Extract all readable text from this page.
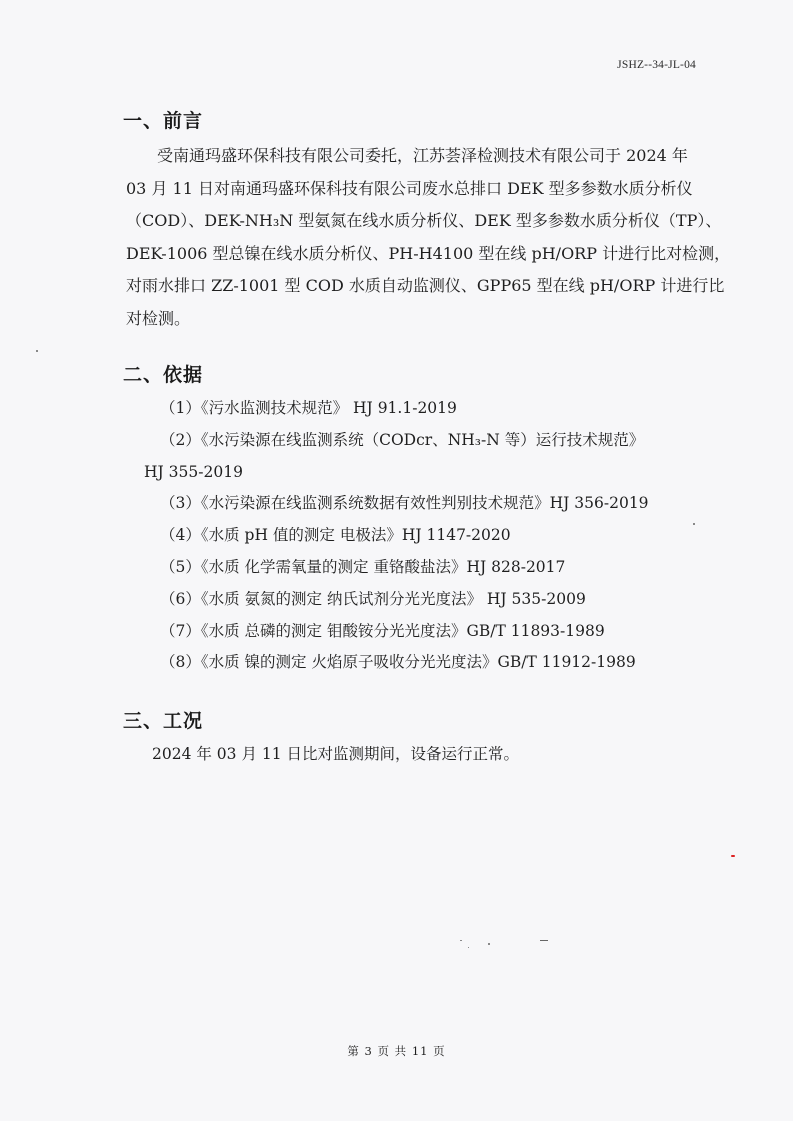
JSHZ--34-JL-04
一、前言
受南通玛盛环保科技有限公司委托，江苏荟泽检测技术有限公司于 2024 年
03 月 11 日对南通玛盛环保科技有限公司废水总排口 DEK 型多参数水质分析仪
（COD）、DEK-NH₃N 型氨氮在线水质分析仪、DEK 型多参数水质分析仪（TP）、
DEK-1006 型总镍在线水质分析仪、PH-H4100 型在线 pH/ORP 计进行比对检测，
对雨水排口 ZZ-1001 型 COD 水质自动监测仪、GPP65 型在线 pH/ORP 计进行比
对检测。
二、依据
（1）《污水监测技术规范》 HJ 91.1-2019
（2）《水污染源在线监测系统（CODcr、NH₃-N 等）运行技术规范》
HJ 355-2019
（3）《水污染源在线监测系统数据有效性判别技术规范》HJ 356-2019
（4）《水质 pH 值的测定 电极法》HJ 1147-2020
（5）《水质 化学需氧量的测定 重铬酸盐法》HJ 828-2017
（6）《水质 氨氮的测定 纳氏试剂分光光度法》 HJ 535-2009
（7）《水质 总磷的测定 钼酸铵分光光度法》GB/T 11893-1989
（8）《水质 镍的测定 火焰原子吸收分光光度法》GB/T 11912-1989
三、工况
2024 年 03 月 11 日比对监测期间，设备运行正常。
第 3 页 共 11 页
